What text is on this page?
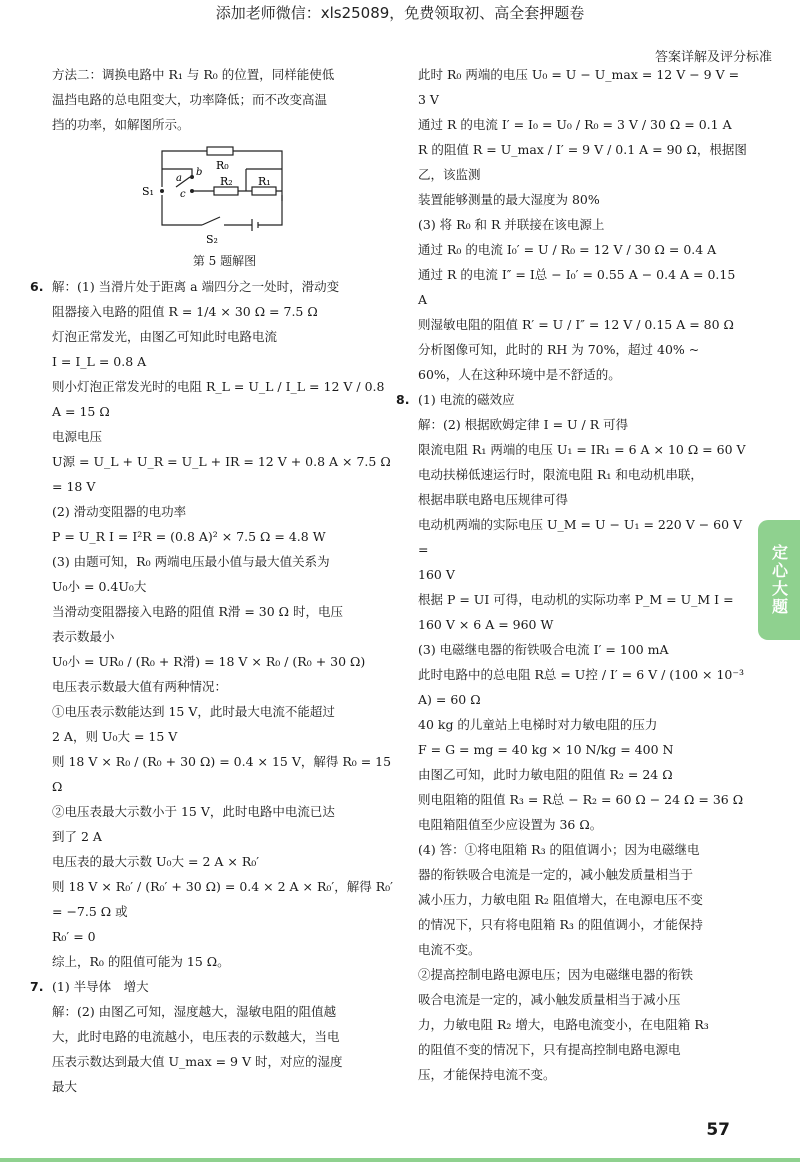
添加老师微信：xls25089，免费领取初、高全套押题卷
答案详解及评分标准

方法二：调换电路中 R₁ 与 R₀ 的位置，同样能使低

温挡电路的总电阻变大，功率降低；而不改变高温

挡的功率，如解图所示。

R₀
R₂ R₁
S₁
S₂
a
b
c

第 5 题解图

6. 解：(1) 当滑片处于距离 a 端四分之一处时，滑动变

阻器接入电路的阻值 R = 1/4 × 30 Ω = 7.5 Ω

灯泡正常发光，由图乙可知此时电路电流

I = I_L = 0.8 A

则小灯泡正常发光时的电阻 R_L = U_L / I_L = 12 V / 0.8 A = 15 Ω

电源电压

U源 = U_L + U_R = U_L + IR = 12 V + 0.8 A × 7.5 Ω = 18 V

(2) 滑动变阻器的电功率

P = U_R I = I²R = (0.8 A)² × 7.5 Ω = 4.8 W

(3) 由题可知，R₀ 两端电压最小值与最大值关系为

U₀小 = 0.4U₀大

当滑动变阻器接入电路的阻值 R滑 = 30 Ω 时，电压

表示数最小

U₀小 = UR₀ / (R₀ + R滑) = 18 V × R₀ / (R₀ + 30 Ω)

电压表示数最大值有两种情况：

①电压表示数能达到 15 V，此时最大电流不能超过

2 A，则 U₀大 = 15 V

则 18 V × R₀ / (R₀ + 30 Ω) = 0.4 × 15 V，解得 R₀ = 15 Ω

②电压表最大示数小于 15 V，此时电路中电流已达

到了 2 A

电压表的最大示数 U₀大 = 2 A × R₀′

则 18 V × R₀′ / (R₀′ + 30 Ω) = 0.4 × 2 A × R₀′，解得 R₀′ = −7.5 Ω 或

R₀′ = 0

综上，R₀ 的阻值可能为 15 Ω。

7. (1) 半导体　增大

解：(2) 由图乙可知，湿度越大，湿敏电阻的阻值越

大，此时电路的电流越小，电压表的示数越大，当电

压表示数达到最大值 U_max = 9 V 时，对应的湿度

最大

此时 R₀ 两端的电压 U₀ = U − U_max = 12 V − 9 V = 3 V

通过 R 的电流 I′ = I₀ = U₀ / R₀ = 3 V / 30 Ω = 0.1 A

R 的阻值 R = U_max / I′ = 9 V / 0.1 A = 90 Ω，根据图乙，该监测

装置能够测量的最大湿度为 80%

(3) 将 R₀ 和 R 并联接在该电源上

通过 R₀ 的电流 I₀′ = U / R₀ = 12 V / 30 Ω = 0.4 A

通过 R 的电流 I″ = I总 − I₀′ = 0.55 A − 0.4 A = 0.15 A

则湿敏电阻的阻值 R′ = U / I″ = 12 V / 0.15 A = 80 Ω

分析图像可知，此时的 RH 为 70%，超过 40% ~

60%，人在这种环境中是不舒适的。

8. (1) 电流的磁效应

解：(2) 根据欧姆定律 I = U / R 可得

限流电阻 R₁ 两端的电压 U₁ = IR₁ = 6 A × 10 Ω = 60 V

电动扶梯低速运行时，限流电阻 R₁ 和电动机串联，

根据串联电路电压规律可得

电动机两端的实际电压 U_M = U − U₁ = 220 V − 60 V =

160 V

根据 P = UI 可得，电动机的实际功率 P_M = U_M I =

160 V × 6 A = 960 W

(3) 电磁继电器的衔铁吸合电流 I′ = 100 mA

此时电路中的总电阻 R总 = U控 / I′ = 6 V / (100 × 10⁻³ A) = 60 Ω

40 kg 的儿童站上电梯时对力敏电阻的压力

F = G = mg = 40 kg × 10 N/kg = 400 N

由图乙可知，此时力敏电阻的阻值 R₂ = 24 Ω

则电阻箱的阻值 R₃ = R总 − R₂ = 60 Ω − 24 Ω = 36 Ω

电阻箱阻值至少应设置为 36 Ω。

(4) 答：①将电阻箱 R₃ 的阻值调小；因为电磁继电

器的衔铁吸合电流是一定的，减小触发质量相当于

减小压力，力敏电阻 R₂ 阻值增大，在电源电压不变

的情况下，只有将电阻箱 R₃ 的阻值调小，才能保持

电流不变。

②提高控制电路电源电压；因为电磁继电器的衔铁

吸合电流是一定的，减小触发质量相当于减小压

力，力敏电阻 R₂ 增大，电路电流变小，在电阻箱 R₃

的阻值不变的情况下，只有提高控制电路电源电

压，才能保持电流不变。

定心大题
57
